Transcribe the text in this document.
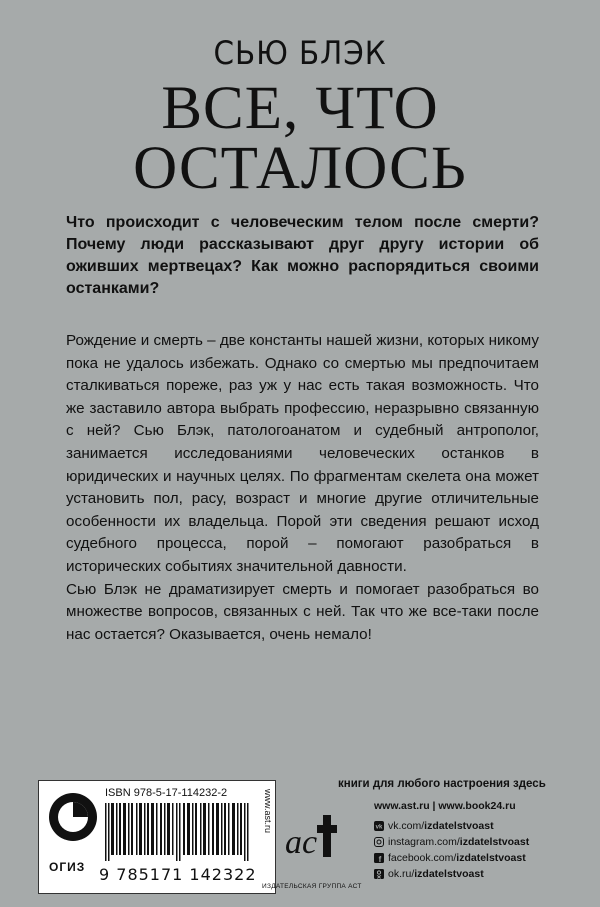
СЬЮ БЛЭК
ВСЕ, ЧТО
ОСТАЛОСЬ

Что происходит с человеческим телом после смерти? Почему люди рассказывают друг другу истории об оживших мертвецах? Как можно распорядиться своими останками?

Рождение и смерть – две константы нашей жизни, которых никому пока не удалось избежать. Однако со смертью мы предпочитаем сталкиваться пореже, раз уж у нас есть такая возможность. Что же заставило автора выбрать профессию, неразрывно связанную с ней? Сью Блэк, патологоанатом и судебный антрополог, занимается исследованиями человеческих останков в юридических и научных целях. По фрагментам скелета она может установить пол, расу, возраст и многие другие отличительные особенности их владельца. Порой эти сведения решают исход судебного процесса, порой – помогают разобраться в исторических событиях значительной давности.

Сью Блэк не драматизирует смерть и помогает разобраться во множестве вопросов, связанных с ней. Так что же все-таки после нас остается? Оказывается, очень немало!

ОГИЗ
ISBN 978-5-17-114232-2
9 785171 142322
www.ast.ru
книги для любого настроения здесь
ac
ИЗДАТЕЛЬСКАЯ ГРУППА АСТ
www.ast.ru | www.book24.ru
vk vk.com/ izdatelstvoast
instagram.com/ izdatelstvoast
f facebook.com/ izdatelstvoast
ok.ru/ izdatelstvoast
